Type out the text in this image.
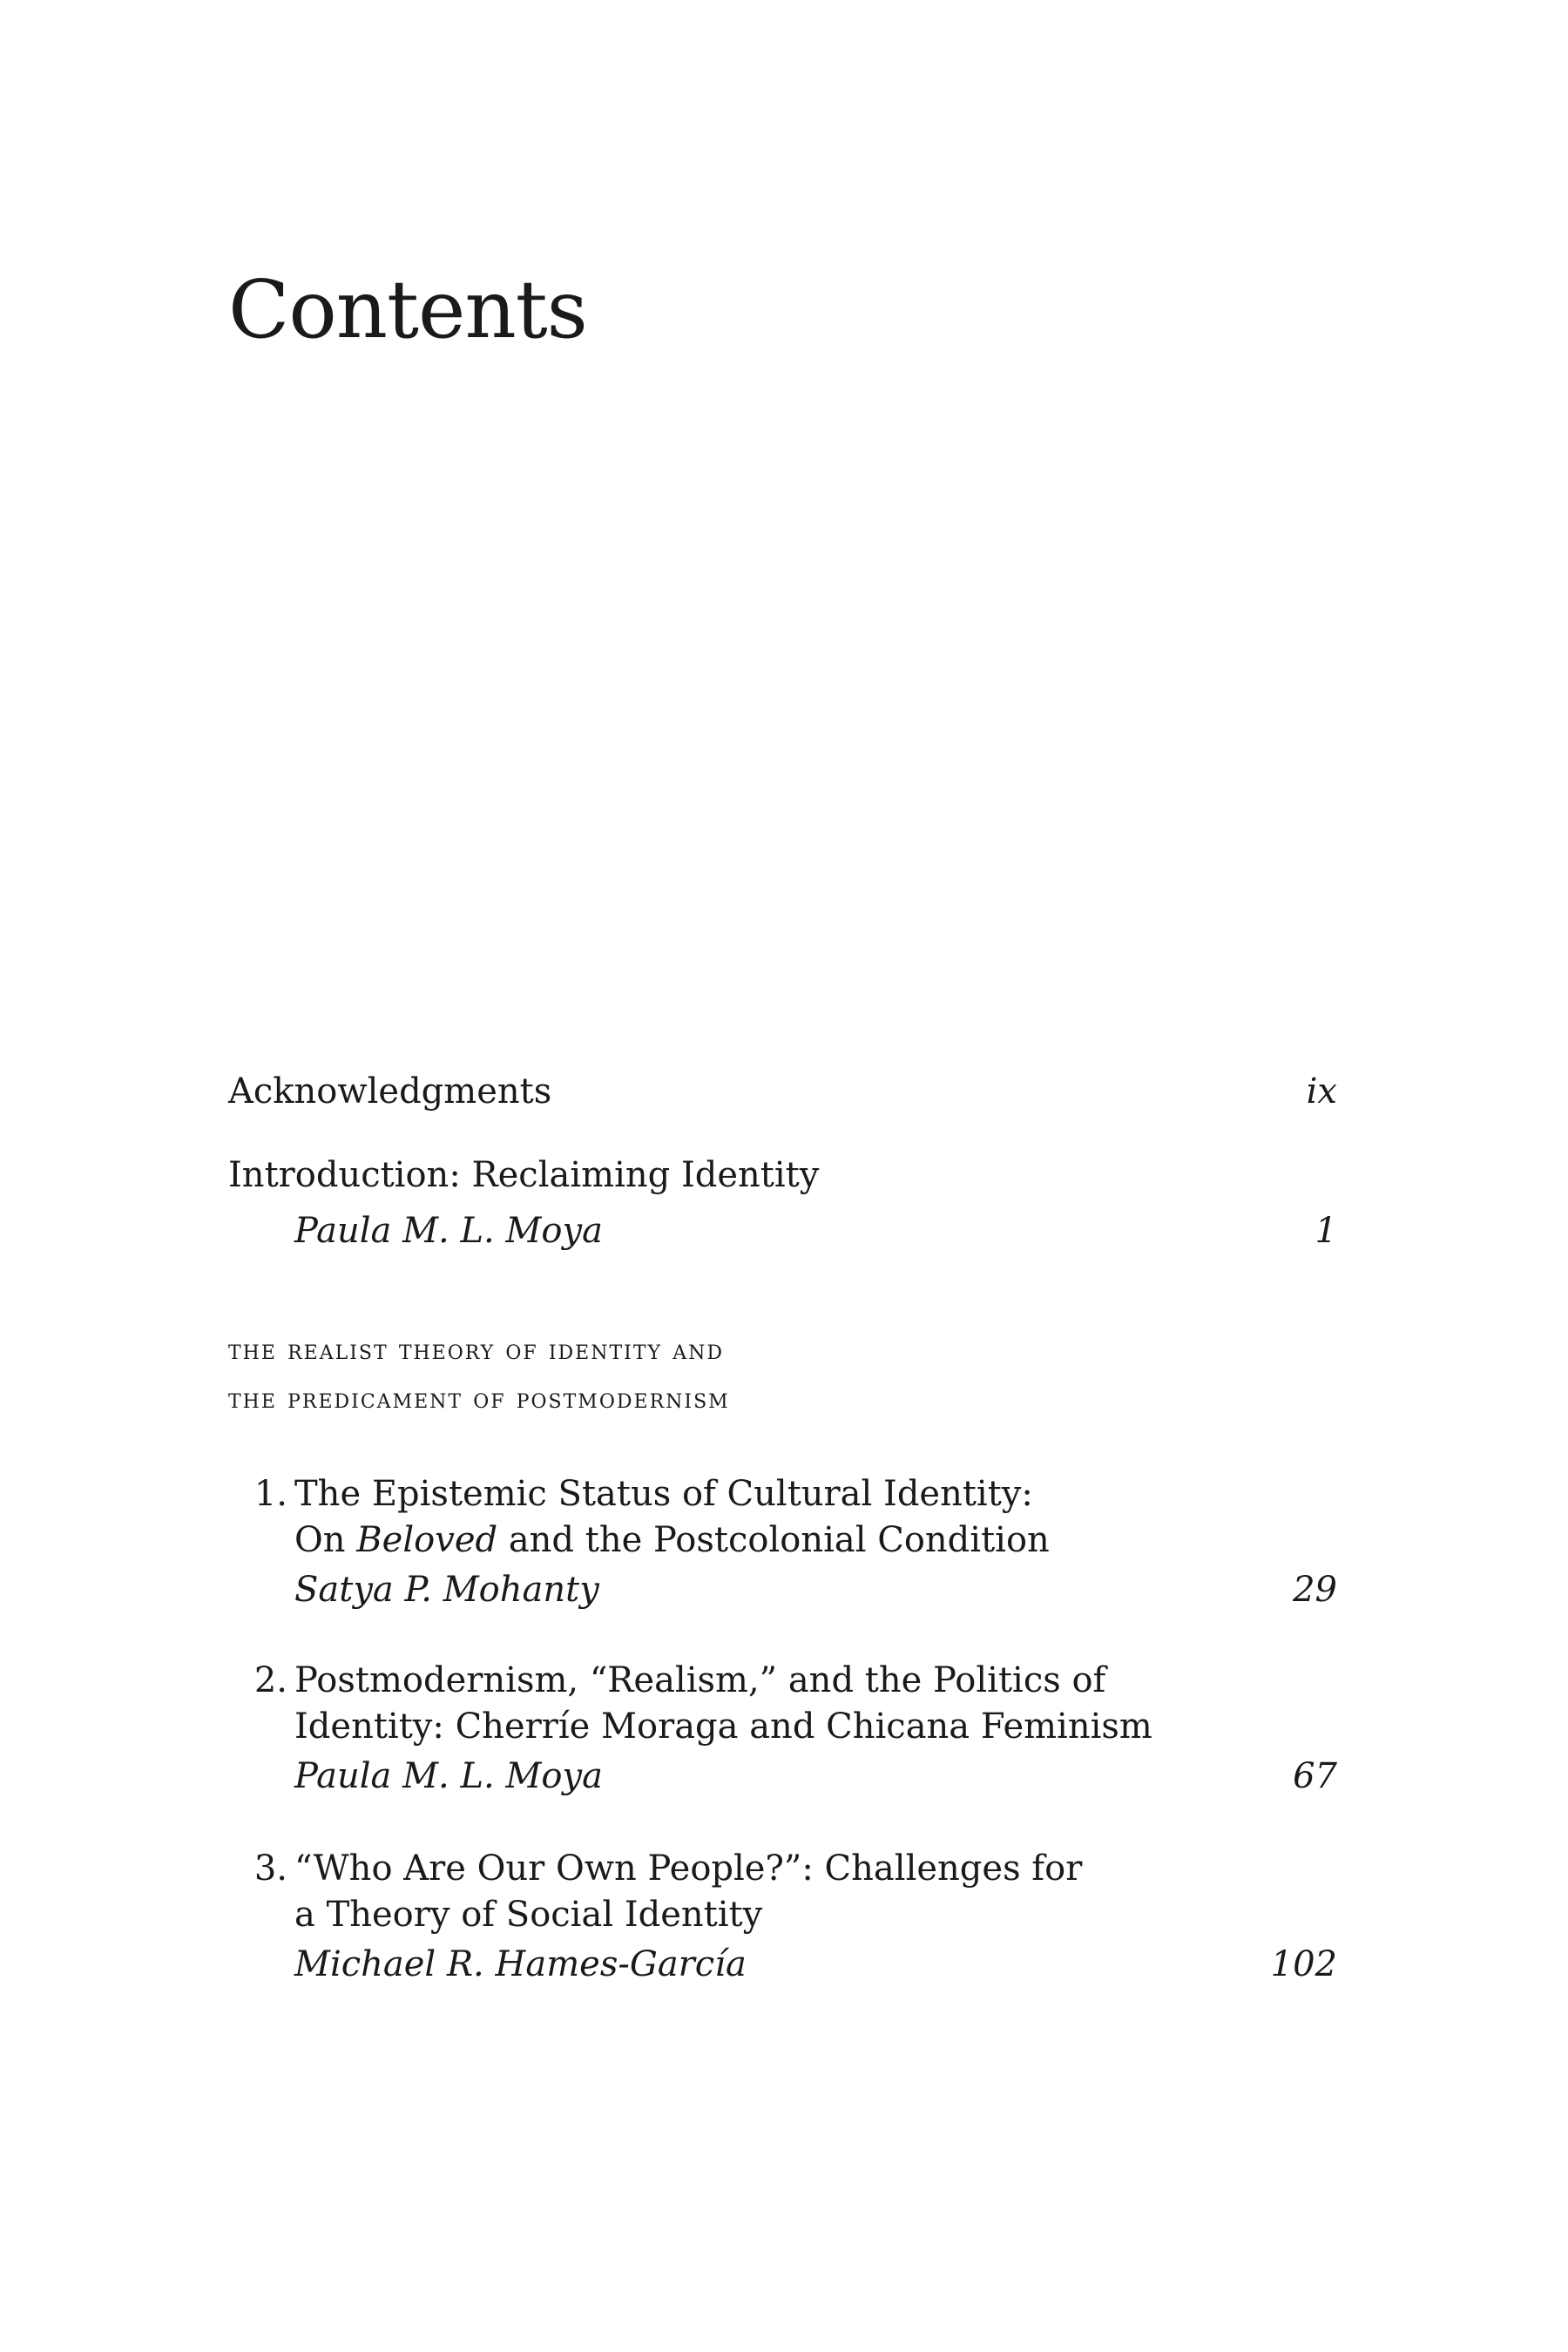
Contents
Acknowledgments	ix
Introduction: Reclaiming Identity
Paula M. L. Moya	1
the realist theory of identity and
the predicament of postmodernism
1. The Epistemic Status of Cultural Identity:
On Beloved and the Postcolonial Condition
Satya P. Mohanty	29
2. Postmodernism, “Realism,” and the Politics of
Identity: Cherríe Moraga and Chicana Feminism
Paula M. L. Moya	67
3. “Who Are Our Own People?”: Challenges for
a Theory of Social Identity
Michael R. Hames-García	102
